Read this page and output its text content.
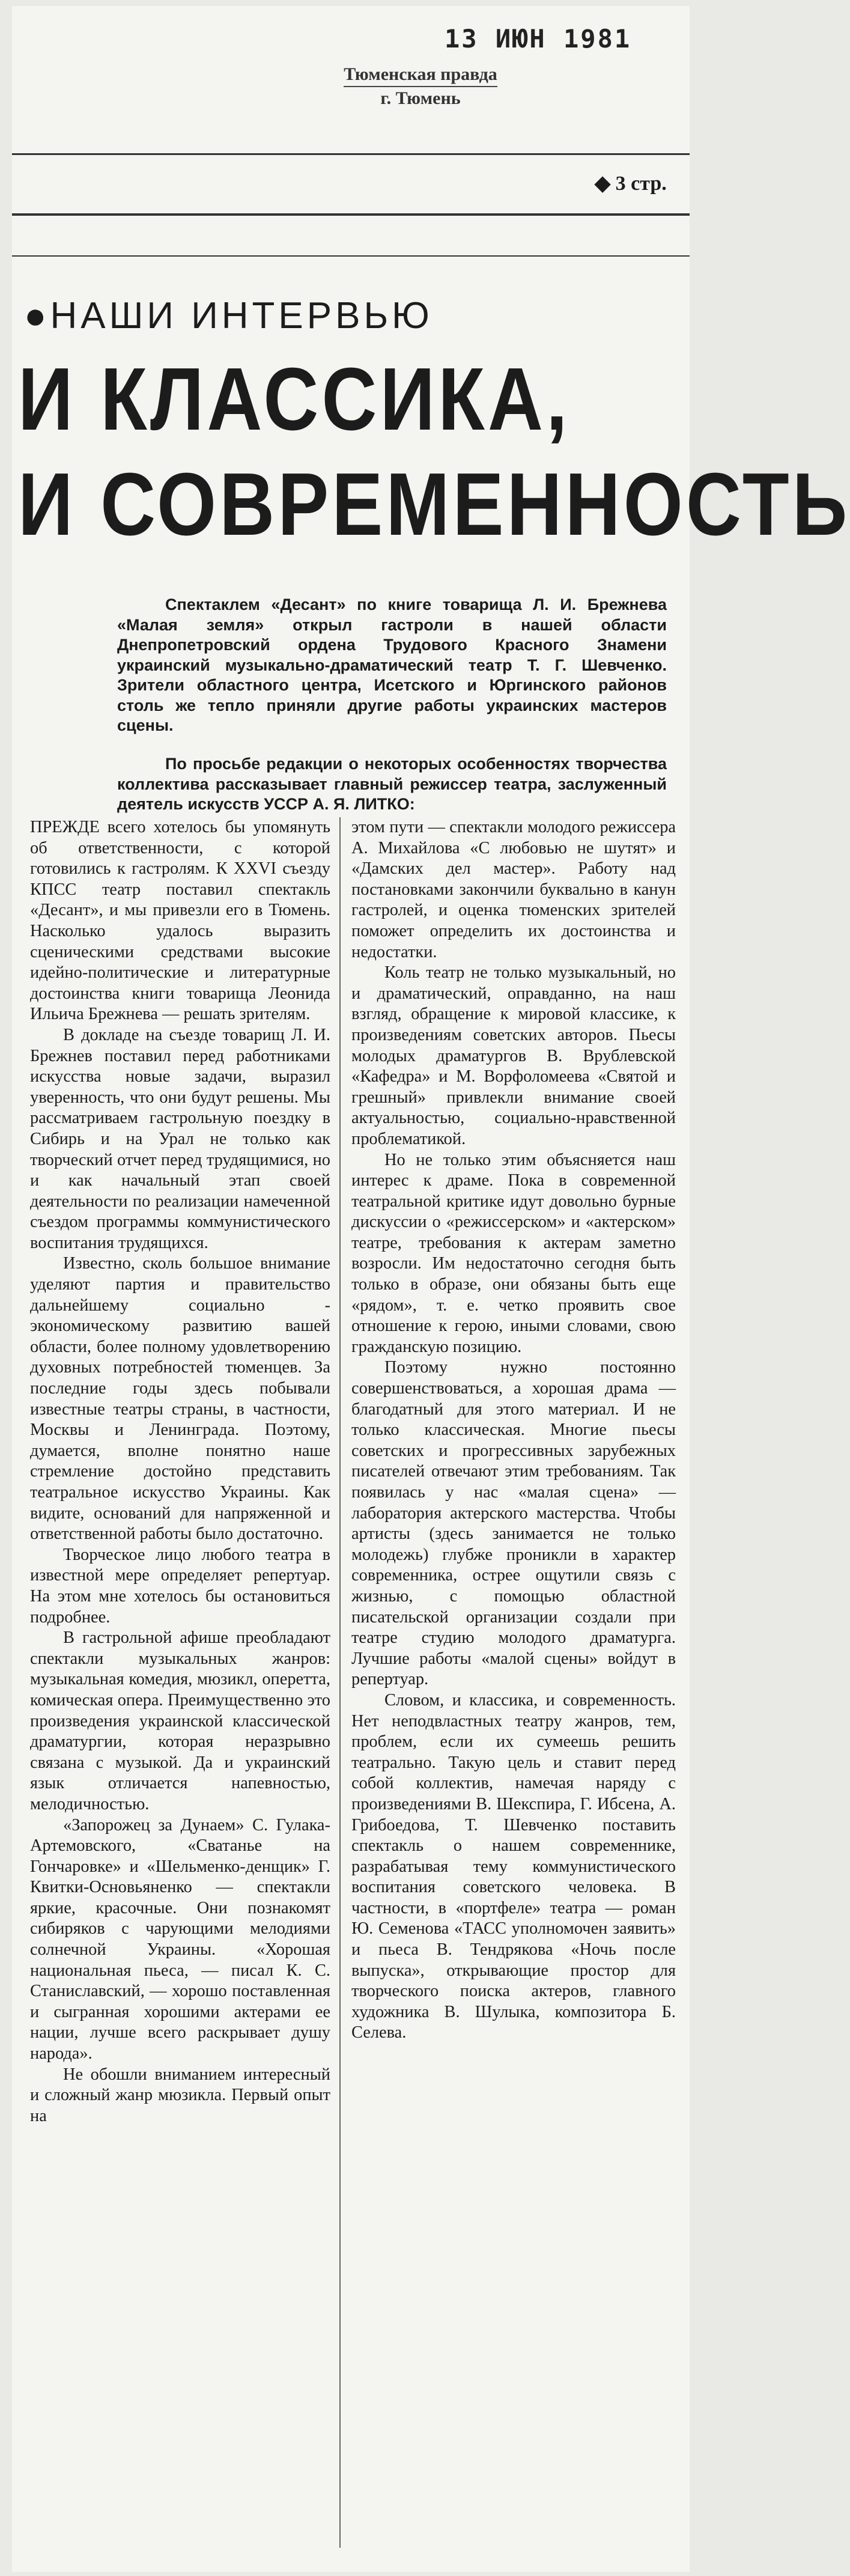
13 ИЮН 1981
Тюменская правда
г. Тюмень
◆ 3 стр.
●НАШИ ИНТЕРВЬЮ
И КЛАССИКА,
И СОВРЕМЕННОСТЬ

Спектаклем «Десант» по книге товарища Л. И. Брежнева «Малая земля» открыл гастроли в нашей области Днепропетровский ордена Трудового Красного Знамени украинский музыкально-драматический театр Т. Г. Шевченко. Зрители областного центра, Исетского и Юргинского районов столь же тепло приняли другие работы украинских мастеров сцены.

По просьбе редакции о некоторых особенностях творчества коллектива рассказывает главный режиссер театра, заслуженный деятель искусств УССР А. Я. ЛИТКО:

ПРЕЖДЕ всего хотелось бы упомянуть об ответственности, с которой готовились к гастролям. К XXVI съезду КПСС театр поставил спектакль «Десант», и мы привезли его в Тюмень. Насколько удалось выразить сценическими средствами высокие идейно-политические и литературные достоинства книги товарища Леонида Ильича Брежнева — решать зрителям.

В докладе на съезде товарищ Л. И. Брежнев поставил перед работниками искусства новые задачи, выразил уверенность, что они будут решены. Мы рассматриваем гастрольную поездку в Сибирь и на Урал не только как творческий отчет перед трудящимися, но и как начальный этап своей деятельности по реализации намеченной съездом программы коммунистического воспитания трудящихся.

Известно, сколь большое внимание уделяют партия и правительство дальнейшему социально - экономическому развитию вашей области, более полному удовлетворению духовных потребностей тюменцев. За последние годы здесь побывали известные театры страны, в частности, Москвы и Ленинграда. Поэтому, думается, вполне понятно наше стремление достойно представить театральное искусство Украины. Как видите, оснований для напряженной и ответственной работы было достаточно.

Творческое лицо любого театра в известной мере определяет репертуар. На этом мне хотелось бы остановиться подробнее.

В гастрольной афише преобладают спектакли музыкальных жанров: музыкальная комедия, мюзикл, оперетта, комическая опера. Преимущественно это произведения украинской классической драматургии, которая неразрывно связана с музыкой. Да и украинский язык отличается напевностью, мелодичностью.

«Запорожец за Дунаем» С. Гулака-Артемовского, «Сватанье на Гончаровке» и «Шельменко-денщик» Г. Квитки-Основьяненко — спектакли яркие, красочные. Они познакомят сибиряков с чарующими мелодиями солнечной Украины. «Хорошая национальная пьеса, — писал К. С. Станиславский, — хорошо поставленная и сыгранная хорошими актерами ее нации, лучше всего раскрывает душу народа».

Не обошли вниманием интересный и сложный жанр мюзикла. Первый опыт на

этом пути — спектакли молодого режиссера А. Михайлова «С любовью не шутят» и «Дамских дел мастер». Работу над постановками закончили буквально в канун гастролей, и оценка тюменских зрителей поможет определить их достоинства и недостатки.

Коль театр не только музыкальный, но и драматический, оправданно, на наш взгляд, обращение к мировой классике, к произведениям советских авторов. Пьесы молодых драматургов В. Врублевской «Кафедра» и М. Ворфоломеева «Святой и грешный» привлекли внимание своей актуальностью, социально-нравственной проблематикой.

Но не только этим объясняется наш интерес к драме. Пока в современной театральной критике идут довольно бурные дискуссии о «режиссерском» и «актерском» театре, требования к актерам заметно возросли. Им недостаточно сегодня быть только в образе, они обязаны быть еще «рядом», т. е. четко проявить свое отношение к герою, иными словами, свою гражданскую позицию.

Поэтому нужно постоянно совершенствоваться, а хорошая драма — благодатный для этого материал. И не только классическая. Многие пьесы советских и прогрессивных зарубежных писателей отвечают этим требованиям. Так появилась у нас «малая сцена» — лаборатория актерского мастерства. Чтобы артисты (здесь занимается не только молодежь) глубже проникли в характер современника, острее ощутили связь с жизнью, с помощью областной писательской организации создали при театре студию молодого драматурга. Лучшие работы «малой сцены» войдут в репертуар.

Словом, и классика, и современность. Нет неподвластных театру жанров, тем, проблем, если их сумеешь решить театрально. Такую цель и ставит перед собой коллектив, намечая наряду с произведениями В. Шекспира, Г. Ибсена, А. Грибоедова, Т. Шевченко поставить спектакль о нашем современнике, разрабатывая тему коммунистического воспитания советского человека. В частности, в «портфеле» театра — роман Ю. Семенова «ТАСС уполномочен заявить» и пьеса В. Тендрякова «Ночь после выпуска», открывающие простор для творческого поиска актеров, главного художника В. Шулыка, композитора Б. Селева.
